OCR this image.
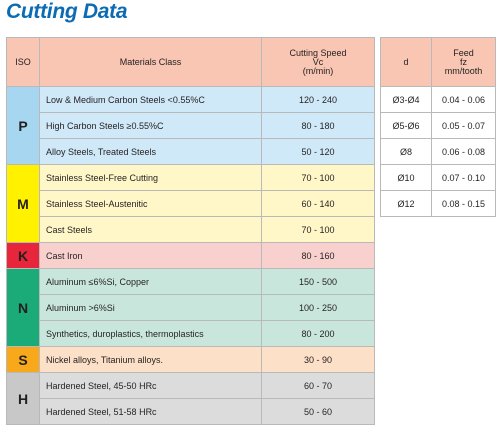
Cutting Data
ISO	Materials Class	Cutting Speed
Vc
(m/min)

P	Low & Medium Carbon Steels <0.55%C	120 - 240
	High Carbon Steels ≥0.55%C	80 - 180
	Alloy Steels, Treated Steels	50 - 120
M	Stainless Steel-Free Cutting	70 - 100
	Stainless Steel-Austenitic	60 - 140
	Cast Steels	70 - 100
K	Cast Iron	80 - 160
N	Aluminum ≤6%Si, Copper	150 - 500
	Aluminum >6%Si	100 - 250
	Synthetics, duroplastics, thermoplastics	80 - 200
S	Nickel alloys, Titanium alloys.	30 - 90
H	Hardened Steel, 45-50 HRc	60 - 70
	Hardened Steel, 51-58 HRc	50 - 60
d	Feed
fz
mm/tooth

Ø3-Ø4	0.04 - 0.06
Ø5-Ø6	0.05 - 0.07
Ø8	0.06 - 0.08
Ø10	0.07 - 0.10
Ø12	0.08 - 0.15
